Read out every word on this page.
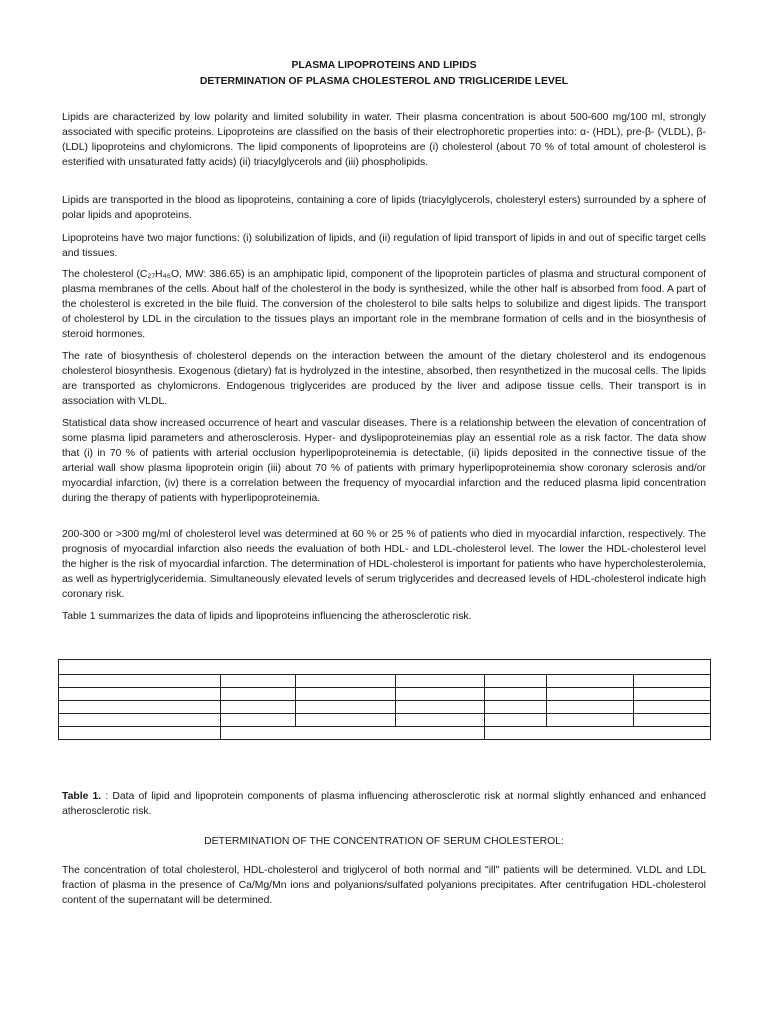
PLASMA LIPOPROTEINS AND LIPIDS
DETERMINATION OF PLASMA CHOLESTEROL AND TRIGLICERIDE LEVEL

Lipids are characterized by low polarity and limited solubility in water. Their plasma concentration is about 500-600 mg/100 ml, strongly associated with specific proteins. Lipoproteins are classified on the basis of their electrophoretic properties into: α- (HDL), pre-β- (VLDL), β- (LDL) lipoproteins and chylomicrons. The lipid components of lipoproteins are (i) cholesterol (about 70 % of total amount of cholesterol is esterified with unsaturated fatty acids) (ii) triacylglycerols and (iii) phospholipids.

Lipids are transported in the blood as lipoproteins, containing a core of lipids (triacylglycerols, cholesteryl esters) surrounded by a sphere of polar lipids and apoproteins.

Lipoproteins have two major functions: (i) solubilization of lipids, and (ii) regulation of lipid transport of lipids in and out of specific target cells and tissues.

The cholesterol (C₂₇H₄₆O, MW: 386.65) is an amphipatic lipid, component of the lipoprotein particles of plasma and structural component of plasma membranes of the cells. About half of the cholesterol in the body is synthesized, while the other half is absorbed from food. A part of the cholesterol is excreted in the bile fluid. The conversion of the cholesterol to bile salts helps to solubilize and digest lipids. The transport of cholesterol by LDL in the circulation to the tissues plays an important role in the membrane formation of cells and in the biosynthesis of steroid hormones.

The rate of biosynthesis of cholesterol depends on the interaction between the amount of the dietary cholesterol and its endogenous cholesterol biosynthesis. Exogenous (dietary) fat is hydrolyzed in the intestine, absorbed, then resynthetized in the mucosal cells. The lipids are transported as chylomicrons. Endogenous triglycerides are produced by the liver and adipose tissue cells. Their transport is in association with VLDL.

Statistical data show increased occurrence of heart and vascular diseases. There is a relationship between the elevation of concentration of some plasma lipid parameters and atherosclerosis. Hyper- and dyslipoproteinemias play an essential role as a risk factor. The data show that (i) in 70 % of patients with arterial occlusion hyperlipoproteinemia is detectable, (ii) lipids deposited in the connective tissue of the arterial wall show plasma lipoprotein origin (iii) about 70 % of patients with primary hyperlipoproteinemia show coronary sclerosis and/or myocardial infarction, (iv) there is a correlation between the frequency of myocardial infarction and the reduced plasma lipid concentration during the therapy of patients with hyperlipoproteinemia.

200-300 or >300 mg/ml of cholesterol level was determined at 60 % or 25 % of patients who died in myocardial infarction, respectively. The prognosis of myocardial infarction also needs the evaluation of both HDL- and LDL-cholesterol level. The lower the HDL-cholesterol level the higher is the risk of myocardial infarction. The determination of HDL-cholesterol is important for patients who have hypercholesterolemia, as well as hypertriglyceridemia. Simultaneously elevated levels of serum triglycerides and decreased levels of HDL-cholesterol indicate high coronary risk.

Table 1 summarizes the data of lipids and lipoproteins influencing the atherosclerotic risk.

Table 1. : Data of lipid and lipoprotein components of plasma influencing atherosclerotic risk at normal slightly enhanced and enhanced atherosclerotic risk.

DETERMINATION OF THE CONCENTRATION OF SERUM CHOLESTEROL:

The concentration of total cholesterol, HDL-cholesterol and triglycerol of both normal and "ill" patients will be determined. VLDL and LDL fraction of plasma in the presence of Ca/Mg/Mn ions and polyanions/sulfated polyanions precipitates. After centrifugation HDL-cholesterol content of the supernatant will be determined.
